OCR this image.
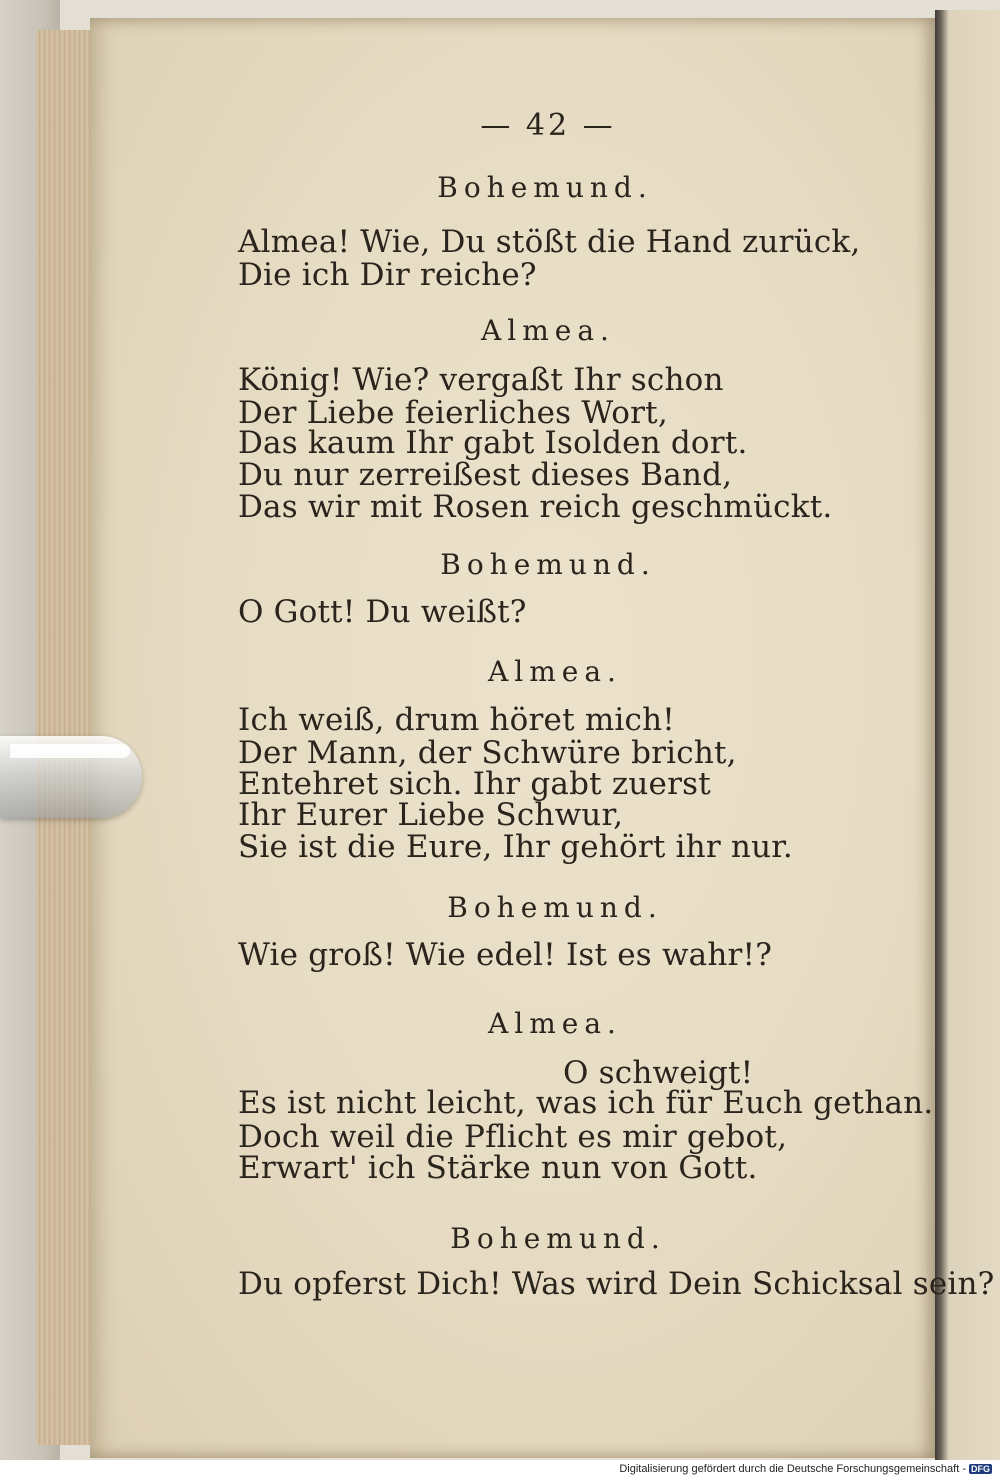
— 42 —
Bohemund.
Almea! Wie, Du stößt die Hand zurück,
Die ich Dir reiche?
Almea.
König! Wie? vergaßt Ihr schon
Der Liebe feierliches Wort,
Das kaum Ihr gabt Isolden dort.
Du nur zerreißest dieses Band,
Das wir mit Rosen reich geschmückt.
Bohemund.
O Gott! Du weißt?
Almea.
Ich weiß, drum höret mich!
Der Mann, der Schwüre bricht,
Entehret sich. Ihr gabt zuerst
Ihr Eurer Liebe Schwur,
Sie ist die Eure, Ihr gehört ihr nur.
Bohemund.
Wie groß! Wie edel! Ist es wahr!?
Almea.
O schweigt!
Es ist nicht leicht, was ich für Euch gethan.
Doch weil die Pflicht es mir gebot,
Erwart' ich Stärke nun von Gott.
Bohemund.
Du opferst Dich! Was wird Dein Schicksal sein?
Digitalisierung gefördert durch die Deutsche Forschungsgemeinschaft - DFG
